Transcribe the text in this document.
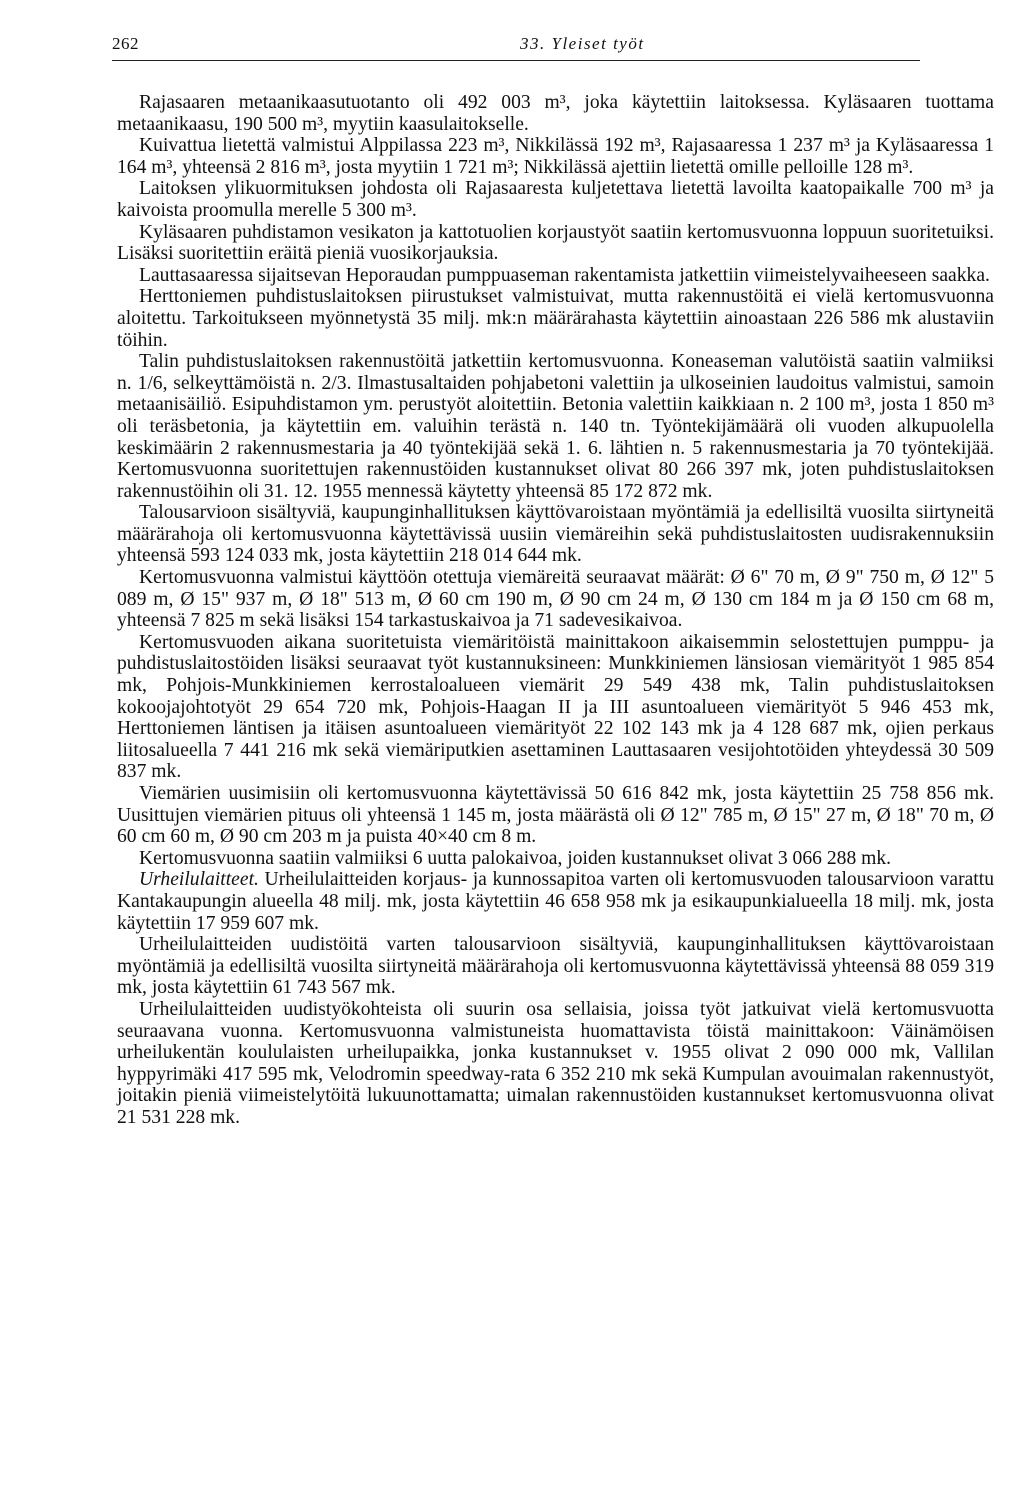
262	33. Yleiset työt

Rajasaaren metaanikaasutuotanto oli 492 003 m³, joka käytettiin laitoksessa. Kyläsaaren tuottama metaanikaasu, 190 500 m³, myytiin kaasulaitokselle.

Kuivattua lietettä valmistui Alppilassa 223 m³, Nikkilässä 192 m³, Rajasaaressa 1 237 m³ ja Kyläsaaressa 1 164 m³, yhteensä 2 816 m³, josta myytiin 1 721 m³; Nikkilässä ajettiin lietettä omille pelloille 128 m³.

Laitoksen ylikuormituksen johdosta oli Rajasaaresta kuljetettava lietettä lavoilta kaatopaikalle 700 m³ ja kaivoista proomulla merelle 5 300 m³.

Kyläsaaren puhdistamon vesikaton ja kattotuolien korjaustyöt saatiin kertomusvuonna loppuun suoritetuiksi. Lisäksi suoritettiin eräitä pieniä vuosikorjauksia.

Lauttasaaressa sijaitsevan Heporaudan pumppuaseman rakentamista jatkettiin viimeistelyvaiheeseen saakka.

Herttoniemen puhdistuslaitoksen piirustukset valmistuivat, mutta rakennustöitä ei vielä kertomusvuonna aloitettu. Tarkoitukseen myönnetystä 35 milj. mk:n määrärahasta käytettiin ainoastaan 226 586 mk alustaviin töihin.

Talin puhdistuslaitoksen rakennustöitä jatkettiin kertomusvuonna. Koneaseman valutöistä saatiin valmiiksi n. 1/6, selkeyttämöistä n. 2/3. Ilmastusaltaiden pohjabetoni valettiin ja ulkoseinien laudoitus valmistui, samoin metaanisäiliö. Esipuhdistamon ym. perustyöt aloitettiin. Betonia valettiin kaikkiaan n. 2 100 m³, josta 1 850 m³ oli teräsbetonia, ja käytettiin em. valuihin terästä n. 140 tn. Työntekijämäärä oli vuoden alkupuolella keskimäärin 2 rakennusmestaria ja 40 työntekijää sekä 1. 6. lähtien n. 5 rakennusmestaria ja 70 työntekijää. Kertomusvuonna suoritettujen rakennustöiden kustannukset olivat 80 266 397 mk, joten puhdistuslaitoksen rakennustöihin oli 31. 12. 1955 mennessä käytetty yhteensä 85 172 872 mk.

Talousarvioon sisältyviä, kaupunginhallituksen käyttövaroistaan myöntämiä ja edellisiltä vuosilta siirtyneitä määrärahoja oli kertomusvuonna käytettävissä uusiin viemäreihin sekä puhdistuslaitosten uudisrakennuksiin yhteensä 593 124 033 mk, josta käytettiin 218 014 644 mk.

Kertomusvuonna valmistui käyttöön otettuja viemäreitä seuraavat määrät: Ø 6" 70 m, Ø 9" 750 m, Ø 12" 5 089 m, Ø 15" 937 m, Ø 18" 513 m, Ø 60 cm 190 m, Ø 90 cm 24 m, Ø 130 cm 184 m ja Ø 150 cm 68 m, yhteensä 7 825 m sekä lisäksi 154 tarkastuskaivoa ja 71 sadevesikaivoa.

Kertomusvuoden aikana suoritetuista viemäritöistä mainittakoon aikaisemmin selostettujen pumppu- ja puhdistuslaitostöiden lisäksi seuraavat työt kustannuksineen: Munkkiniemen länsiosan viemärityöt 1 985 854 mk, Pohjois-Munkkiniemen kerrostaloalueen viemärit 29 549 438 mk, Talin puhdistuslaitoksen kokoojajohtotyöt 29 654 720 mk, Pohjois-Haagan II ja III asuntoalueen viemärityöt 5 946 453 mk, Herttoniemen läntisen ja itäisen asuntoalueen viemärityöt 22 102 143 mk ja 4 128 687 mk, ojien perkaus liitosalueella 7 441 216 mk sekä viemäriputkien asettaminen Lauttasaaren vesijohtotöiden yhteydessä 30 509 837 mk.

Viemärien uusimisiin oli kertomusvuonna käytettävissä 50 616 842 mk, josta käytettiin 25 758 856 mk. Uusittujen viemärien pituus oli yhteensä 1 145 m, josta määrästä oli Ø 12" 785 m, Ø 15" 27 m, Ø 18" 70 m, Ø 60 cm 60 m, Ø 90 cm 203 m ja puista 40×40 cm 8 m.

Kertomusvuonna saatiin valmiiksi 6 uutta palokaivoa, joiden kustannukset olivat 3 066 288 mk.

Urheilulaitteet. Urheilulaitteiden korjaus- ja kunnossapitoa varten oli kertomusvuoden talousarvioon varattu Kantakaupungin alueella 48 milj. mk, josta käytettiin 46 658 958 mk ja esikaupunkialueella 18 milj. mk, josta käytettiin 17 959 607 mk.

Urheilulaitteiden uudistöitä varten talousarvioon sisältyviä, kaupunginhallituksen käyttövaroistaan myöntämiä ja edellisiltä vuosilta siirtyneitä määrärahoja oli kertomusvuonna käytettävissä yhteensä 88 059 319 mk, josta käytettiin 61 743 567 mk.

Urheilulaitteiden uudistyökohteista oli suurin osa sellaisia, joissa työt jatkuivat vielä kertomusvuotta seuraavana vuonna. Kertomusvuonna valmistuneista huomattavista töistä mainittakoon: Väinämöisen urheilukentän koululaisten urheilupaikka, jonka kustannukset v. 1955 olivat 2 090 000 mk, Vallilan hyppyrimäki 417 595 mk, Velodromin speedway-rata 6 352 210 mk sekä Kumpulan avouimalan rakennustyöt, joitakin pieniä viimeistelytöitä lukuunottamatta; uimalan rakennustöiden kustannukset kertomusvuonna olivat 21 531 228 mk.
